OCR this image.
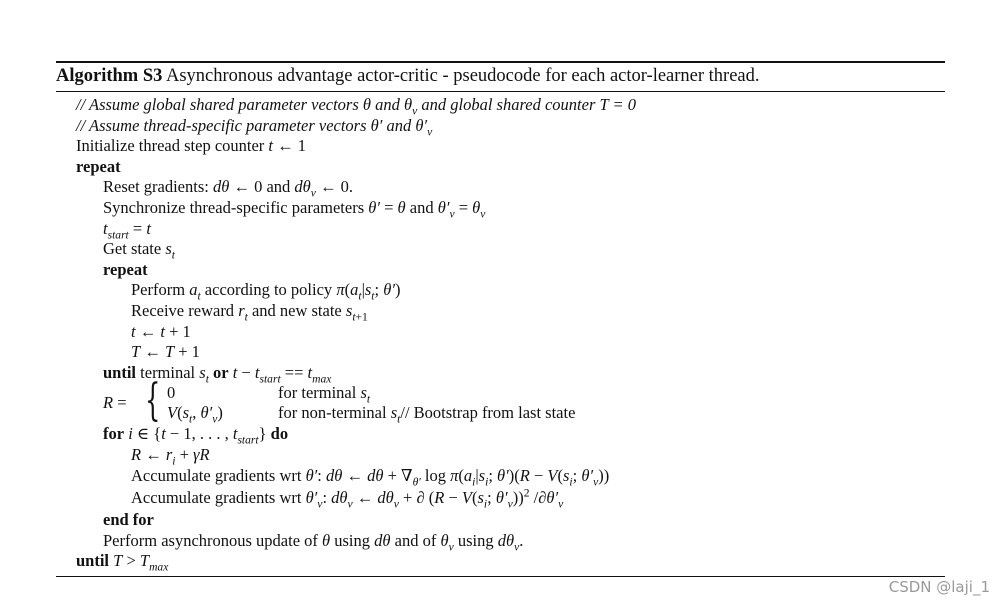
Algorithm S3 Asynchronous advantage actor-critic - pseudocode for each actor-learner thread.
// Assume global shared parameter vectors θ and $\theta_v$ and global shared counter T = 0
// Assume thread-specific parameter vectors θ′ and $\theta'_v$
Initialize thread step counter t ← 1
repeat
Reset gradients: dθ ← 0 and $d\theta_v$ ← 0.
Synchronize thread-specific parameters θ′ = θ and $\theta'_v = \theta_v$
$t_{start} = t$
Get state $s_t$
repeat
Perform $a_t$ according to policy $\pi(a_t|s_t$; θ′)
Receive reward $r_t$ and new state $s_{t+1}$
t ← t + 1
T ← T + 1
until terminal $s_t$ or $t - t_{start} == t_{max}$
R = { 0
$V(s_t$, $\theta'_v$)
for terminal $s_t$
for non-terminal $s_t//$ Bootstrap from last state
for i ∈ {t − 1, . . . , $t_{start}$} do
R ← $r_i + \gamma R$
Accumulate gradients wrt θ′: dθ ← $d\theta + \nabla_{\theta'}$ $\log \pi(a_i|s_i$; $\theta')(R - V(s_i$; $\theta'_v$))
Accumulate gradients wrt $\theta'_v$: $d\theta_v$ ← $d\theta_v$ + ∂ ($R - V(s_i$; $\theta'_v))^2$ $/\partial\theta'_v$
end for
Perform asynchronous update of θ using dθ and of $\theta_v$ using $d\theta_v$.
until $T > T_{max}$
CSDN @laji_1
